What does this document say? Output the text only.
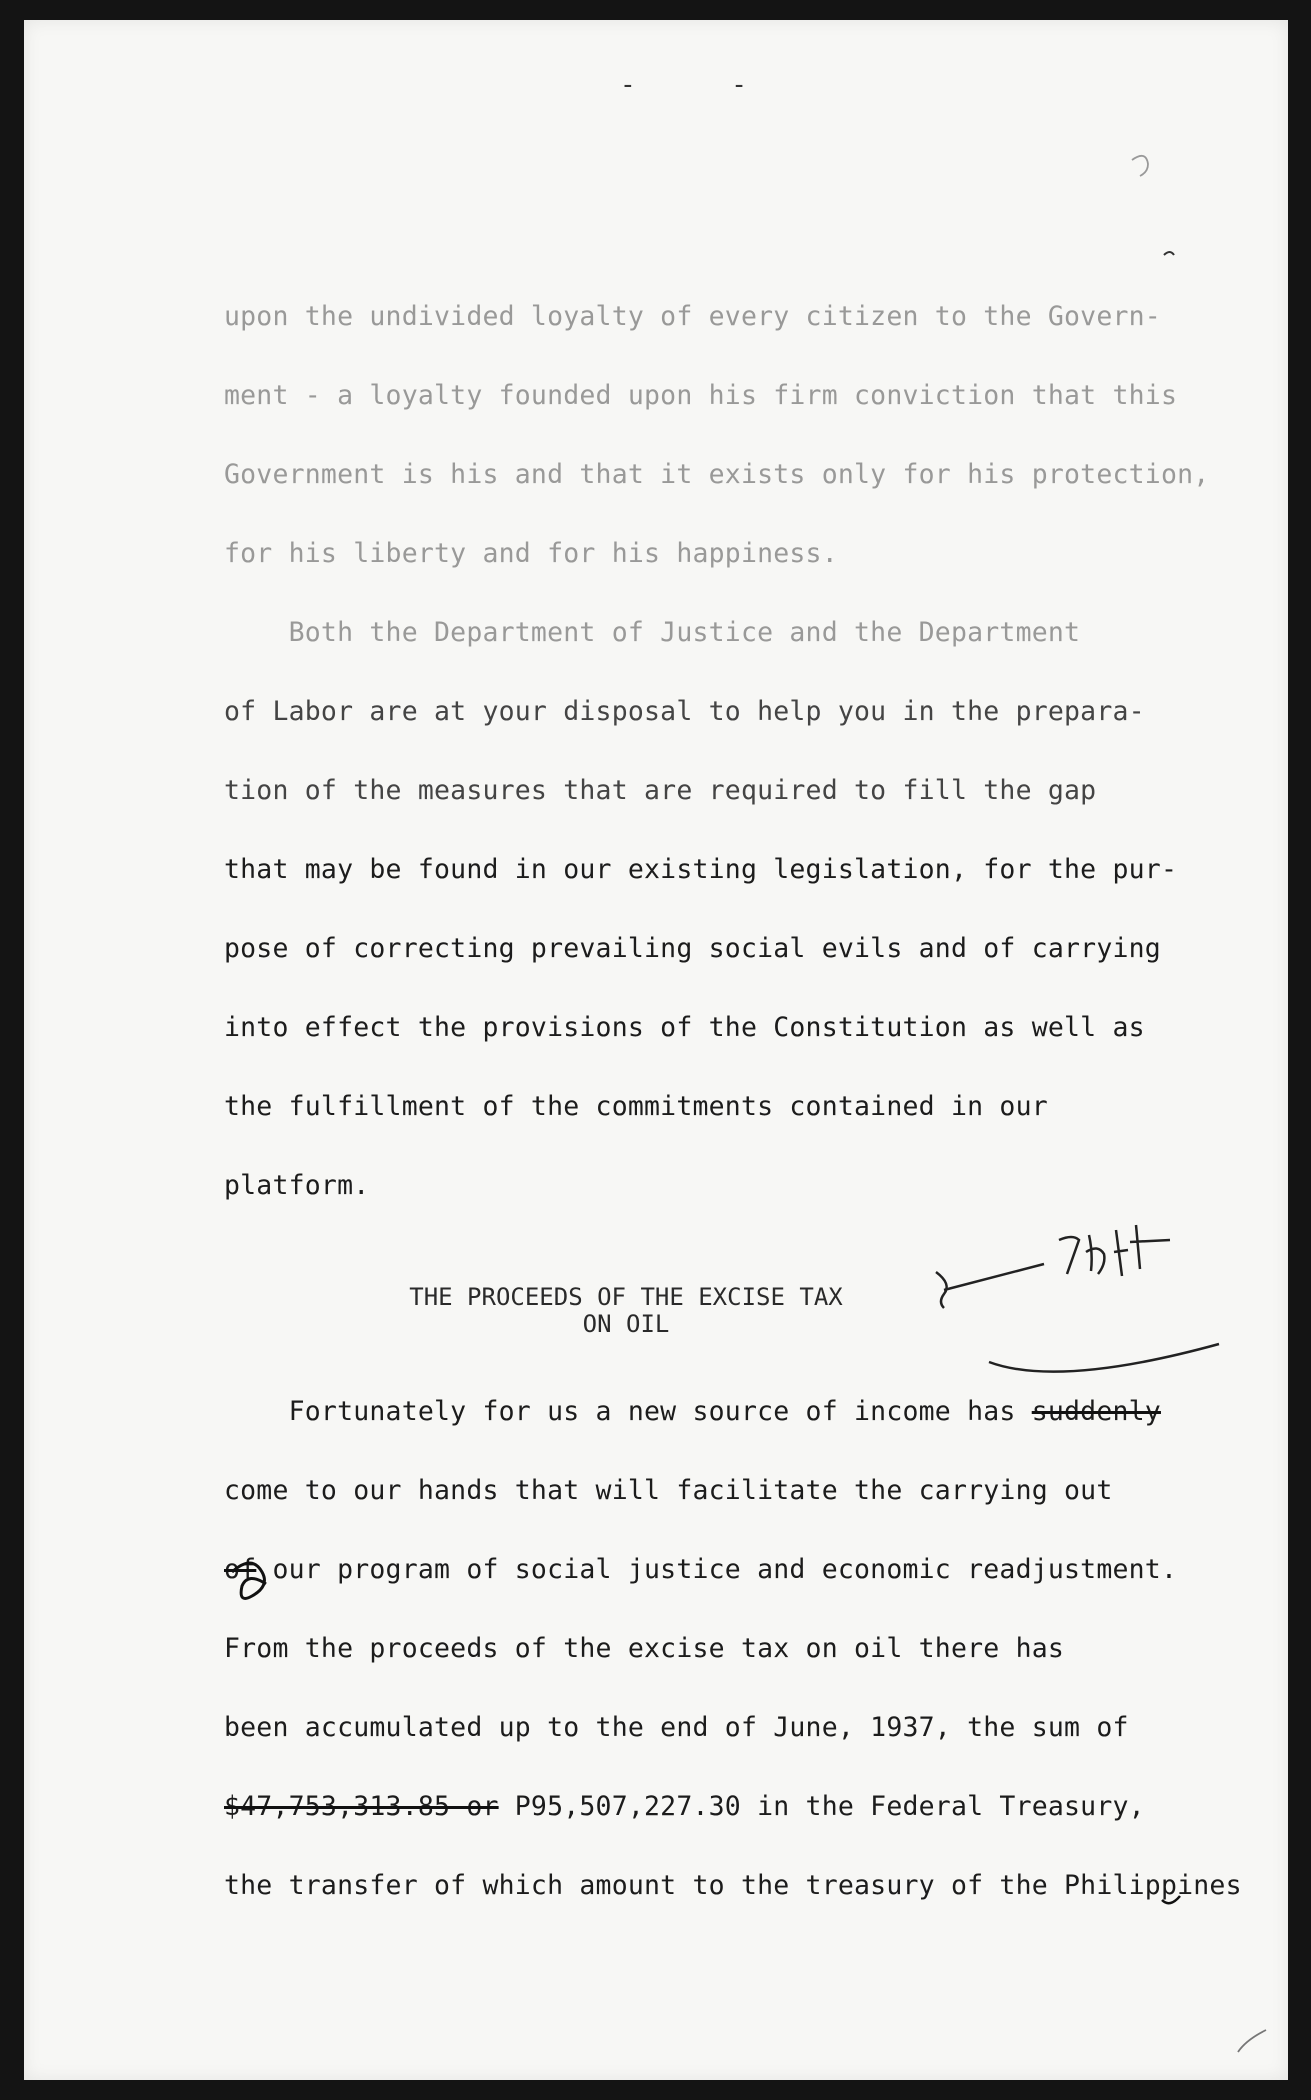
- -
upon the undivided loyalty of every citizen to the Govern-
ment - a loyalty founded upon his firm conviction that this
Government is his and that it exists only for his protection,
for his liberty and for his happiness.
Both the Department of Justice and the Department
of Labor are at your disposal to help you in the prepara-
tion of the measures that are required to fill the gap
that may be found in our existing legislation, for the pur-
pose of correcting prevailing social evils and of carrying
into effect the provisions of the Constitution as well as
the fulfillment of the commitments contained in our
platform.
THE PROCEEDS OF THE EXCISE TAX
ON OIL
Fortunately for us a new source of income has suddenly
come to our hands that will facilitate the carrying out
of our program of social justice and economic readjustment.
From the proceeds of the excise tax on oil there has
been accumulated up to the end of June, 1937, the sum of
$47,753,313.85 or P95,507,227.30 in the Federal Treasury,
the transfer of which amount to the treasury of the Philippines
